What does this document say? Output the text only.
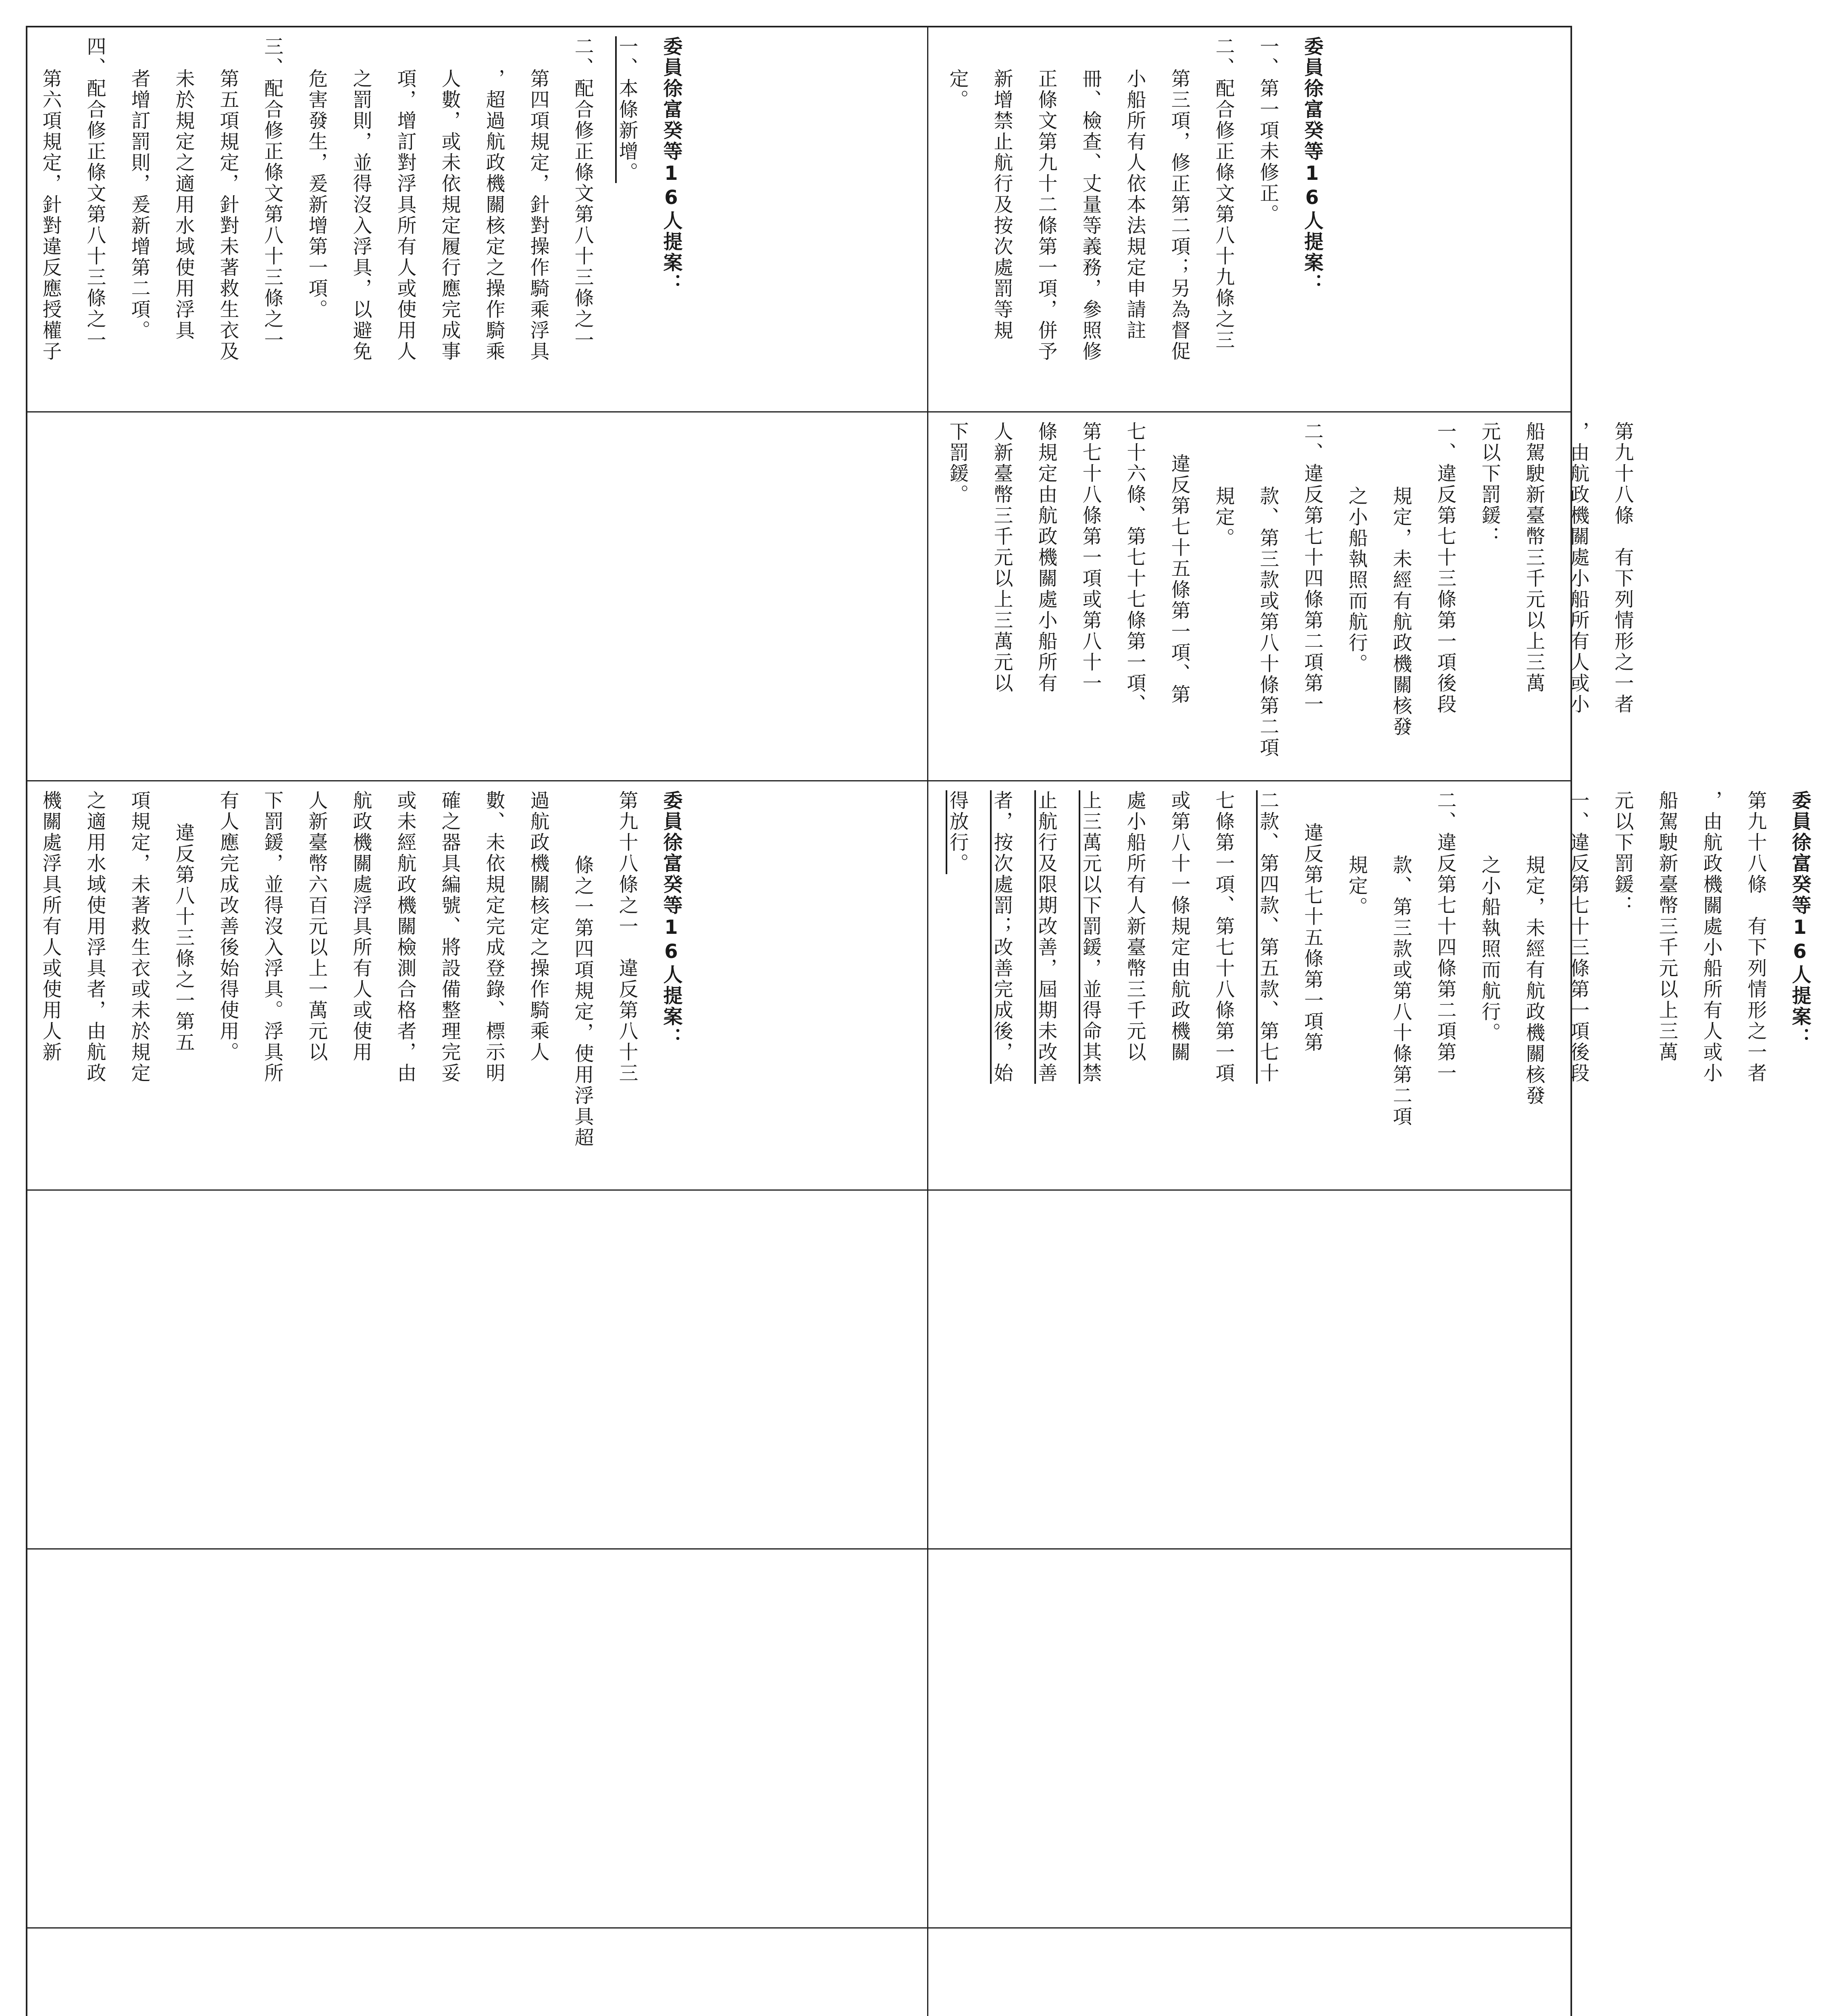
委員徐富癸等16人提案：
一、第一項未修正。
二、配合修正條文第八十九條之三
第三項，修正第二項；另為督促
小船所有人依本法規定申請註
冊、檢查、丈量等義務，參照修
正條文第九十二條第一項，併予
新增禁止航行及按次處罰等規
定。
第九十八條　有下列情形之一者
，由航政機關處小船所有人或小
船駕駛新臺幣三千元以上三萬
元以下罰鍰：
一、違反第七十三條第一項後段
規定，未經有航政機關核發
之小船執照而航行。
二、違反第七十四條第二項第一
款、第三款或第八十條第二項
規定。
違反第七十五條第一項、第
七十六條、第七十七條第一項、
第七十八條第一項或第八十一
條規定由航政機關處小船所有
人新臺幣三千元以上三萬元以
下罰鍰。
委員徐富癸等16人提案：
第九十八條　有下列情形之一者
，由航政機關處小船所有人或小
船駕駛新臺幣三千元以上三萬
元以下罰鍰：
一、違反第七十三條第一項後段
規定，未經有航政機關核發
之小船執照而航行。
二、違反第七十四條第二項第一
款、第三款或第八十條第二項
規定。
違反第七十五條第一項第
二款、第四款、第五款、第七十
七條第一項、第七十八條第一項
或第八十一條規定由航政機關
處小船所有人新臺幣三千元以
上三萬元以下罰鍰，並得命其禁
止航行及限期改善，屆期未改善
者，按次處罰；改善完成後，始
得放行。
委員徐富癸等16人提案：
一、本條新增。
二、配合修正條文第八十三條之一
第四項規定，針對操作騎乘浮具
，超過航政機關核定之操作騎乘
人數，或未依規定履行應完成事
項，增訂對浮具所有人或使用人
之罰則，並得沒入浮具，以避免
危害發生，爰新增第一項。
三、配合修正條文第八十三條之一
第五項規定，針對未著救生衣及
未於規定之適用水域使用浮具
者增訂罰則，爰新增第二項。
四、配合修正條文第八十三條之一
第六項規定，針對違反應授權子
委員徐富癸等16人提案：
第九十八條之一　違反第八十三
條之一第四項規定，使用浮具超
過航政機關核定之操作騎乘人
數、未依規定完成登錄、標示明
確之器具編號、將設備整理完妥
或未經航政機關檢測合格者，由
航政機關處浮具所有人或使用
人新臺幣六百元以上一萬元以
下罰鍰，並得沒入浮具。浮具所
有人應完成改善後始得使用。
違反第八十三條之一第五
項規定，未著救生衣或未於規定
之適用水域使用浮具者，由航政
機關處浮具所有人或使用人新
